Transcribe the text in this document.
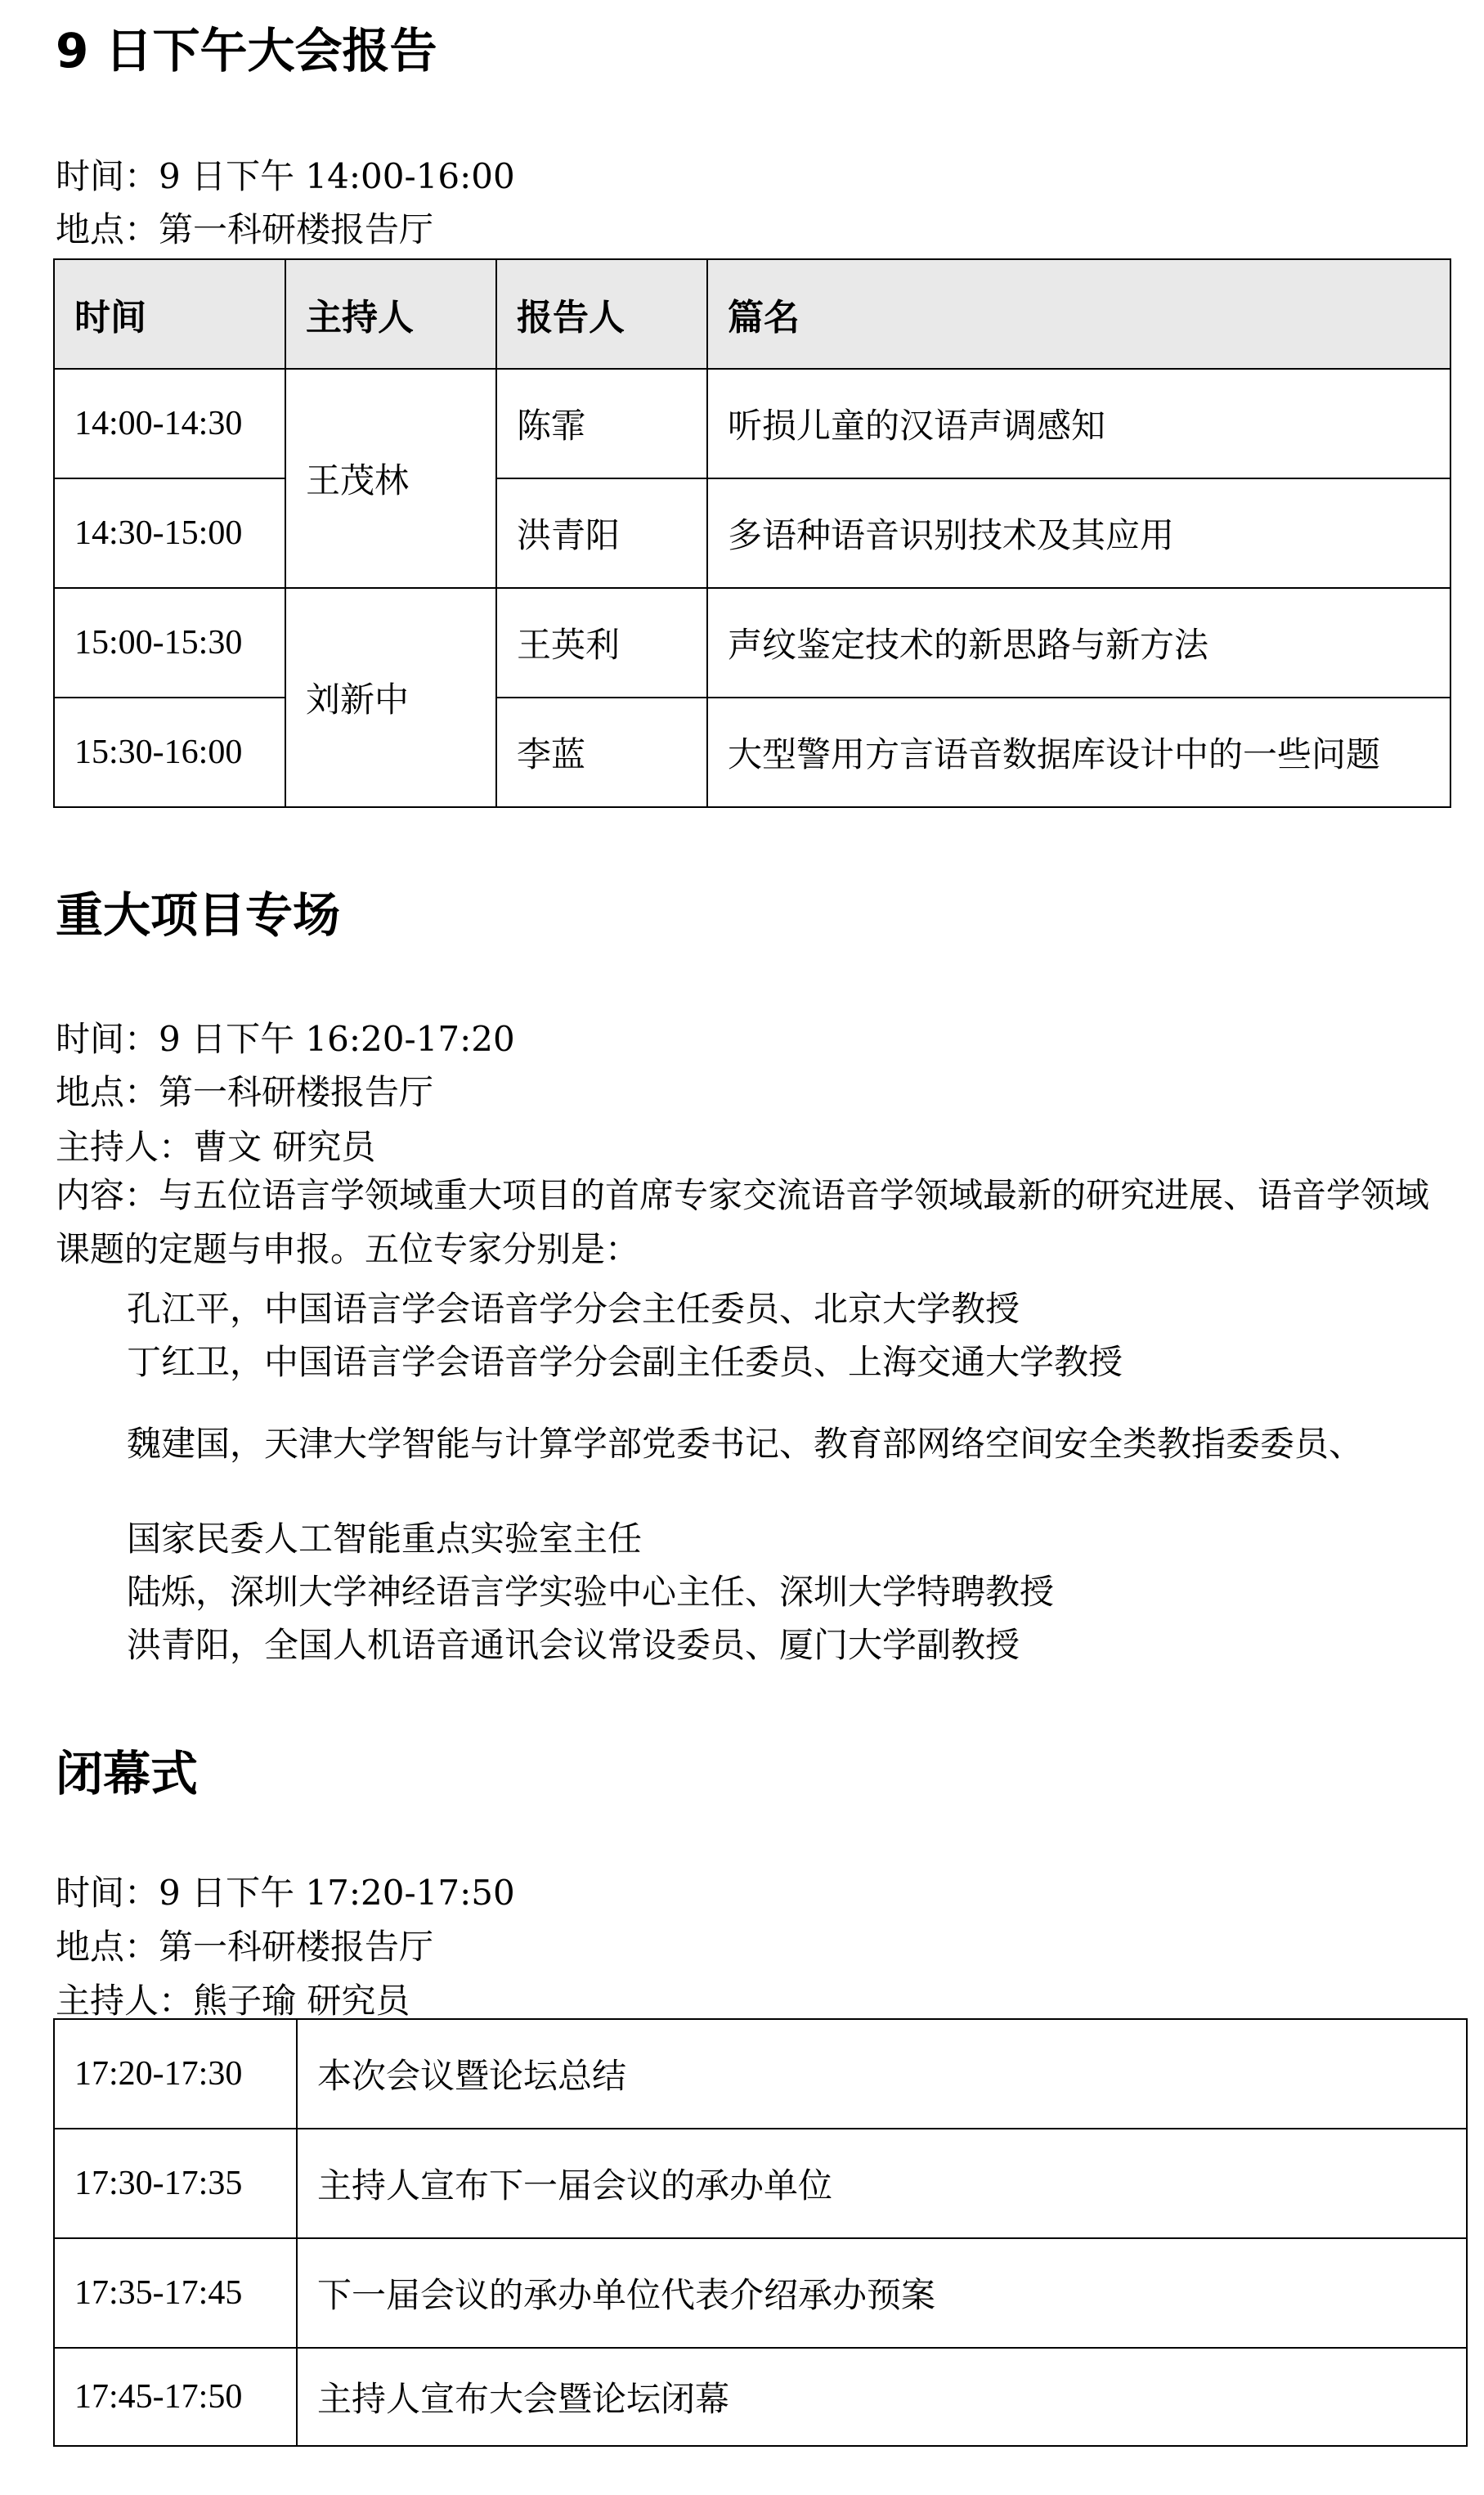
9 日下午大会报告
时间：9 日下午 14:00-16:00
地点：第一科研楼报告厅
时间	主持人	报告人	篇名
14:00-14:30	王茂林	陈霏	听损儿童的汉语声调感知
14:30-15:00		洪青阳	多语种语音识别技术及其应用
15:00-15:30	刘新中	王英利	声纹鉴定技术的新思路与新方法
15:30-16:00		李蓝	大型警用方言语音数据库设计中的一些问题
重大项目专场
时间：9 日下午 16:20-17:20
地点：第一科研楼报告厅
主持人：曹文 研究员
内容：与五位语言学领域重大项目的首席专家交流语音学领域最新的研究进展、语音学领域课题的定题与申报。五位专家分别是：
孔江平，中国语言学会语音学分会主任委员、北京大学教授
丁红卫，中国语言学会语音学分会副主任委员、上海交通大学教授
魏建国，天津大学智能与计算学部党委书记、教育部网络空间安全类教指委委员、
国家民委人工智能重点实验室主任
陆烁，深圳大学神经语言学实验中心主任、深圳大学特聘教授
洪青阳，全国人机语音通讯会议常设委员、厦门大学副教授
闭幕式
时间：9 日下午 17:20-17:50
地点：第一科研楼报告厅
主持人：熊子瑜 研究员
17:20-17:30	本次会议暨论坛总结
17:30-17:35	主持人宣布下一届会议的承办单位
17:35-17:45	下一届会议的承办单位代表介绍承办预案
17:45-17:50	主持人宣布大会暨论坛闭幕
